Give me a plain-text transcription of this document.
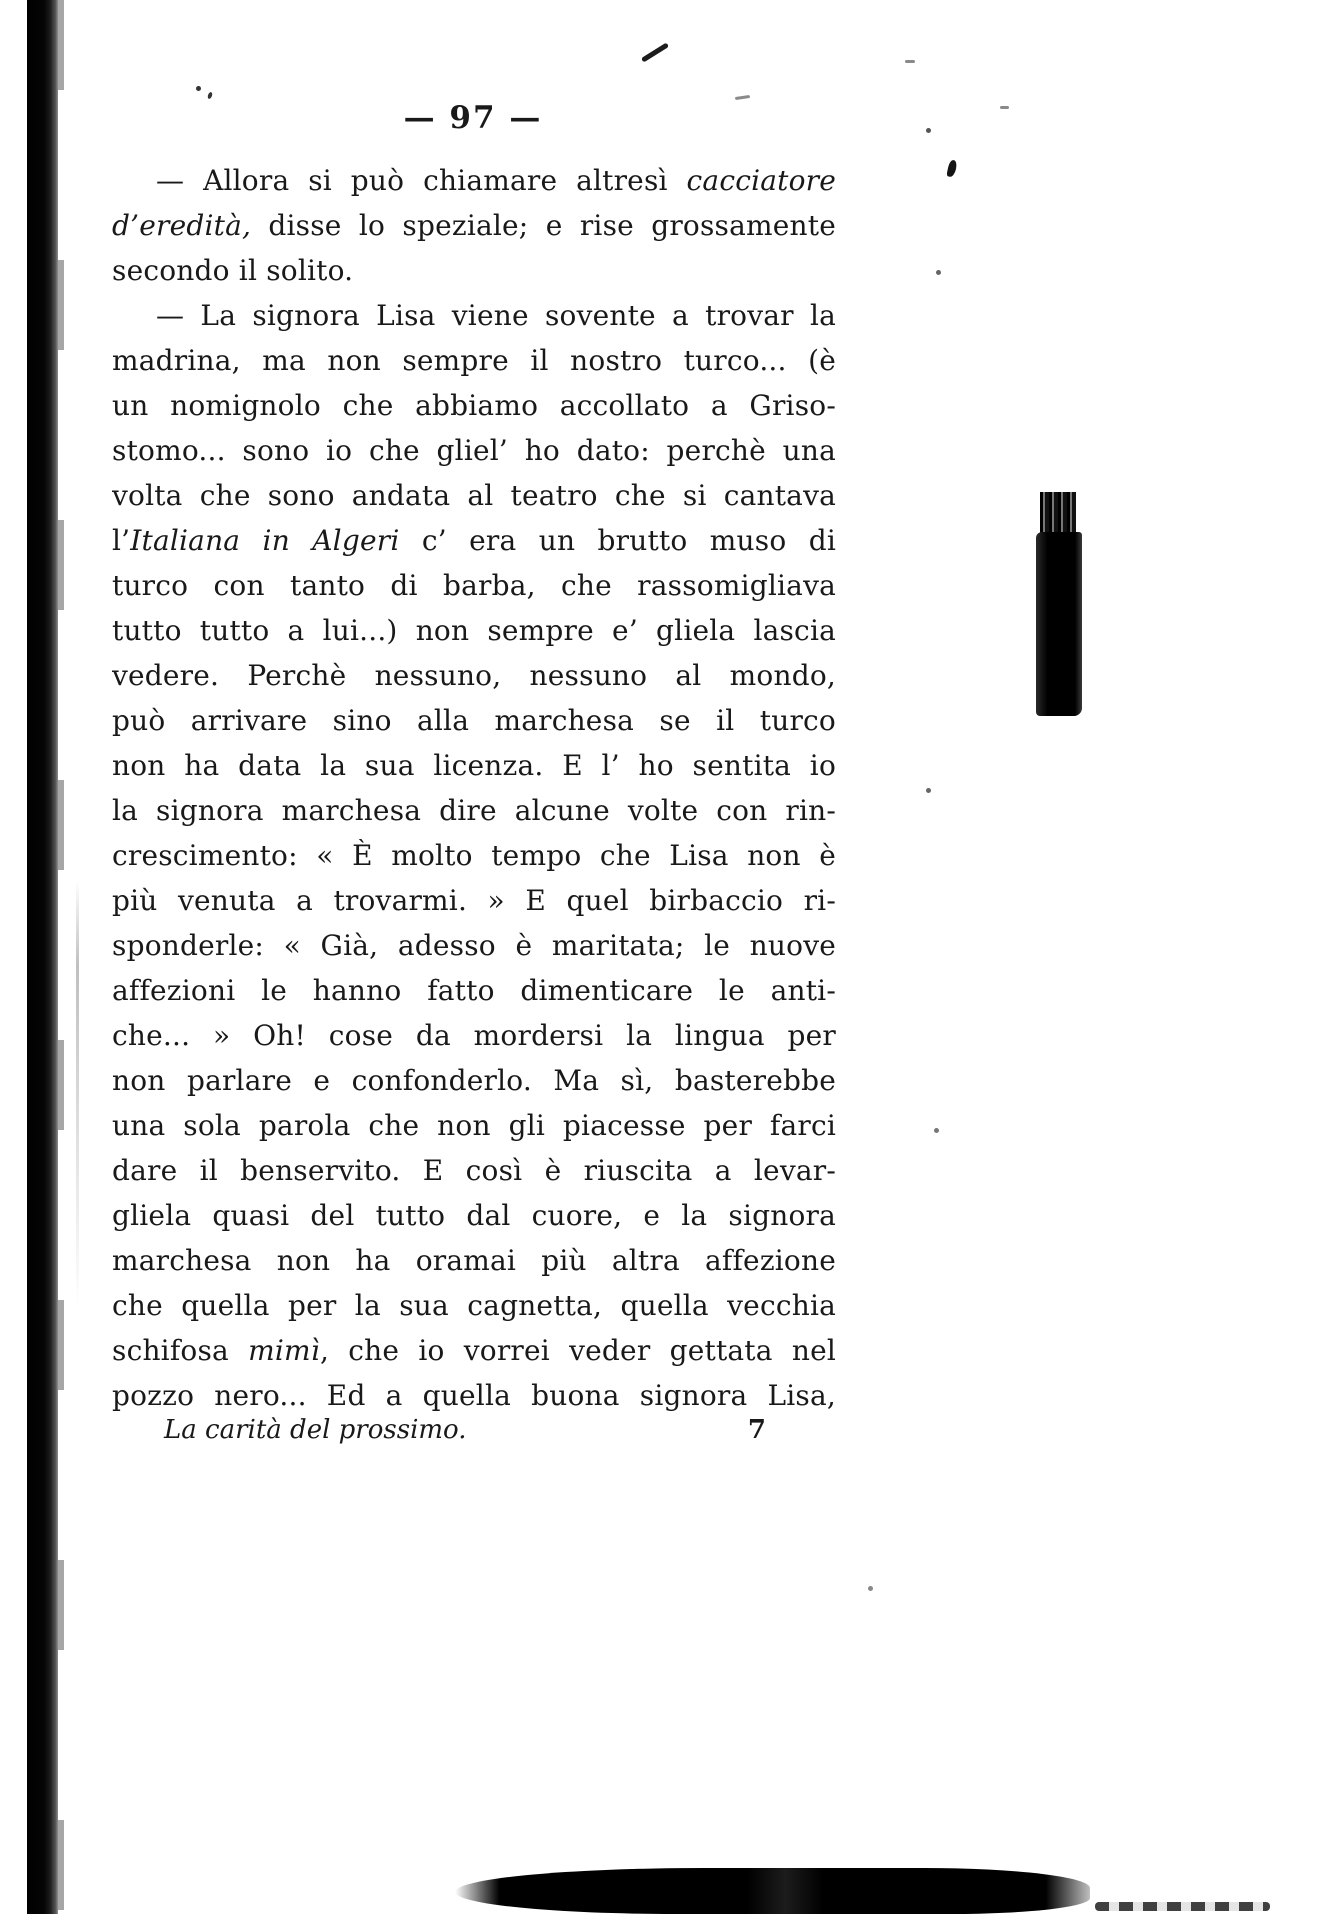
— 97 —
— Allora si può chiamare altresì cacciatore
d’eredità, disse lo speziale; e rise grossamente
secondo il solito.
— La signora Lisa viene sovente a trovar la
madrina, ma non sempre il nostro turco... (è
un nomignolo che abbiamo accollato a Griso-
stomo... sono io che gliel’ ho dato: perchè una
volta che sono andata al teatro che si cantava
l’Italiana in Algeri c’ era un brutto muso di
turco con tanto di barba, che rassomigliava
tutto tutto a lui...) non sempre e’ gliela lascia
vedere. Perchè nessuno, nessuno al mondo,
può arrivare sino alla marchesa se il turco
non ha data la sua licenza. E l’ ho sentita io
la signora marchesa dire alcune volte con rin-
crescimento: « È molto tempo che Lisa non è
più venuta a trovarmi. » E quel birbaccio ri-
sponderle: « Già, adesso è maritata; le nuove
affezioni le hanno fatto dimenticare le anti-
che... » Oh! cose da mordersi la lingua per
non parlare e confonderlo. Ma sì, basterebbe
una sola parola che non gli piacesse per farci
dare il benservito. E così è riuscita a levar-
gliela quasi del tutto dal cuore, e la signora
marchesa non ha oramai più altra affezione
che quella per la sua cagnetta, quella vecchia
schifosa mimì, che io vorrei veder gettata nel
pozzo nero... Ed a quella buona signora Lisa,
La carità del prossimo.	7
